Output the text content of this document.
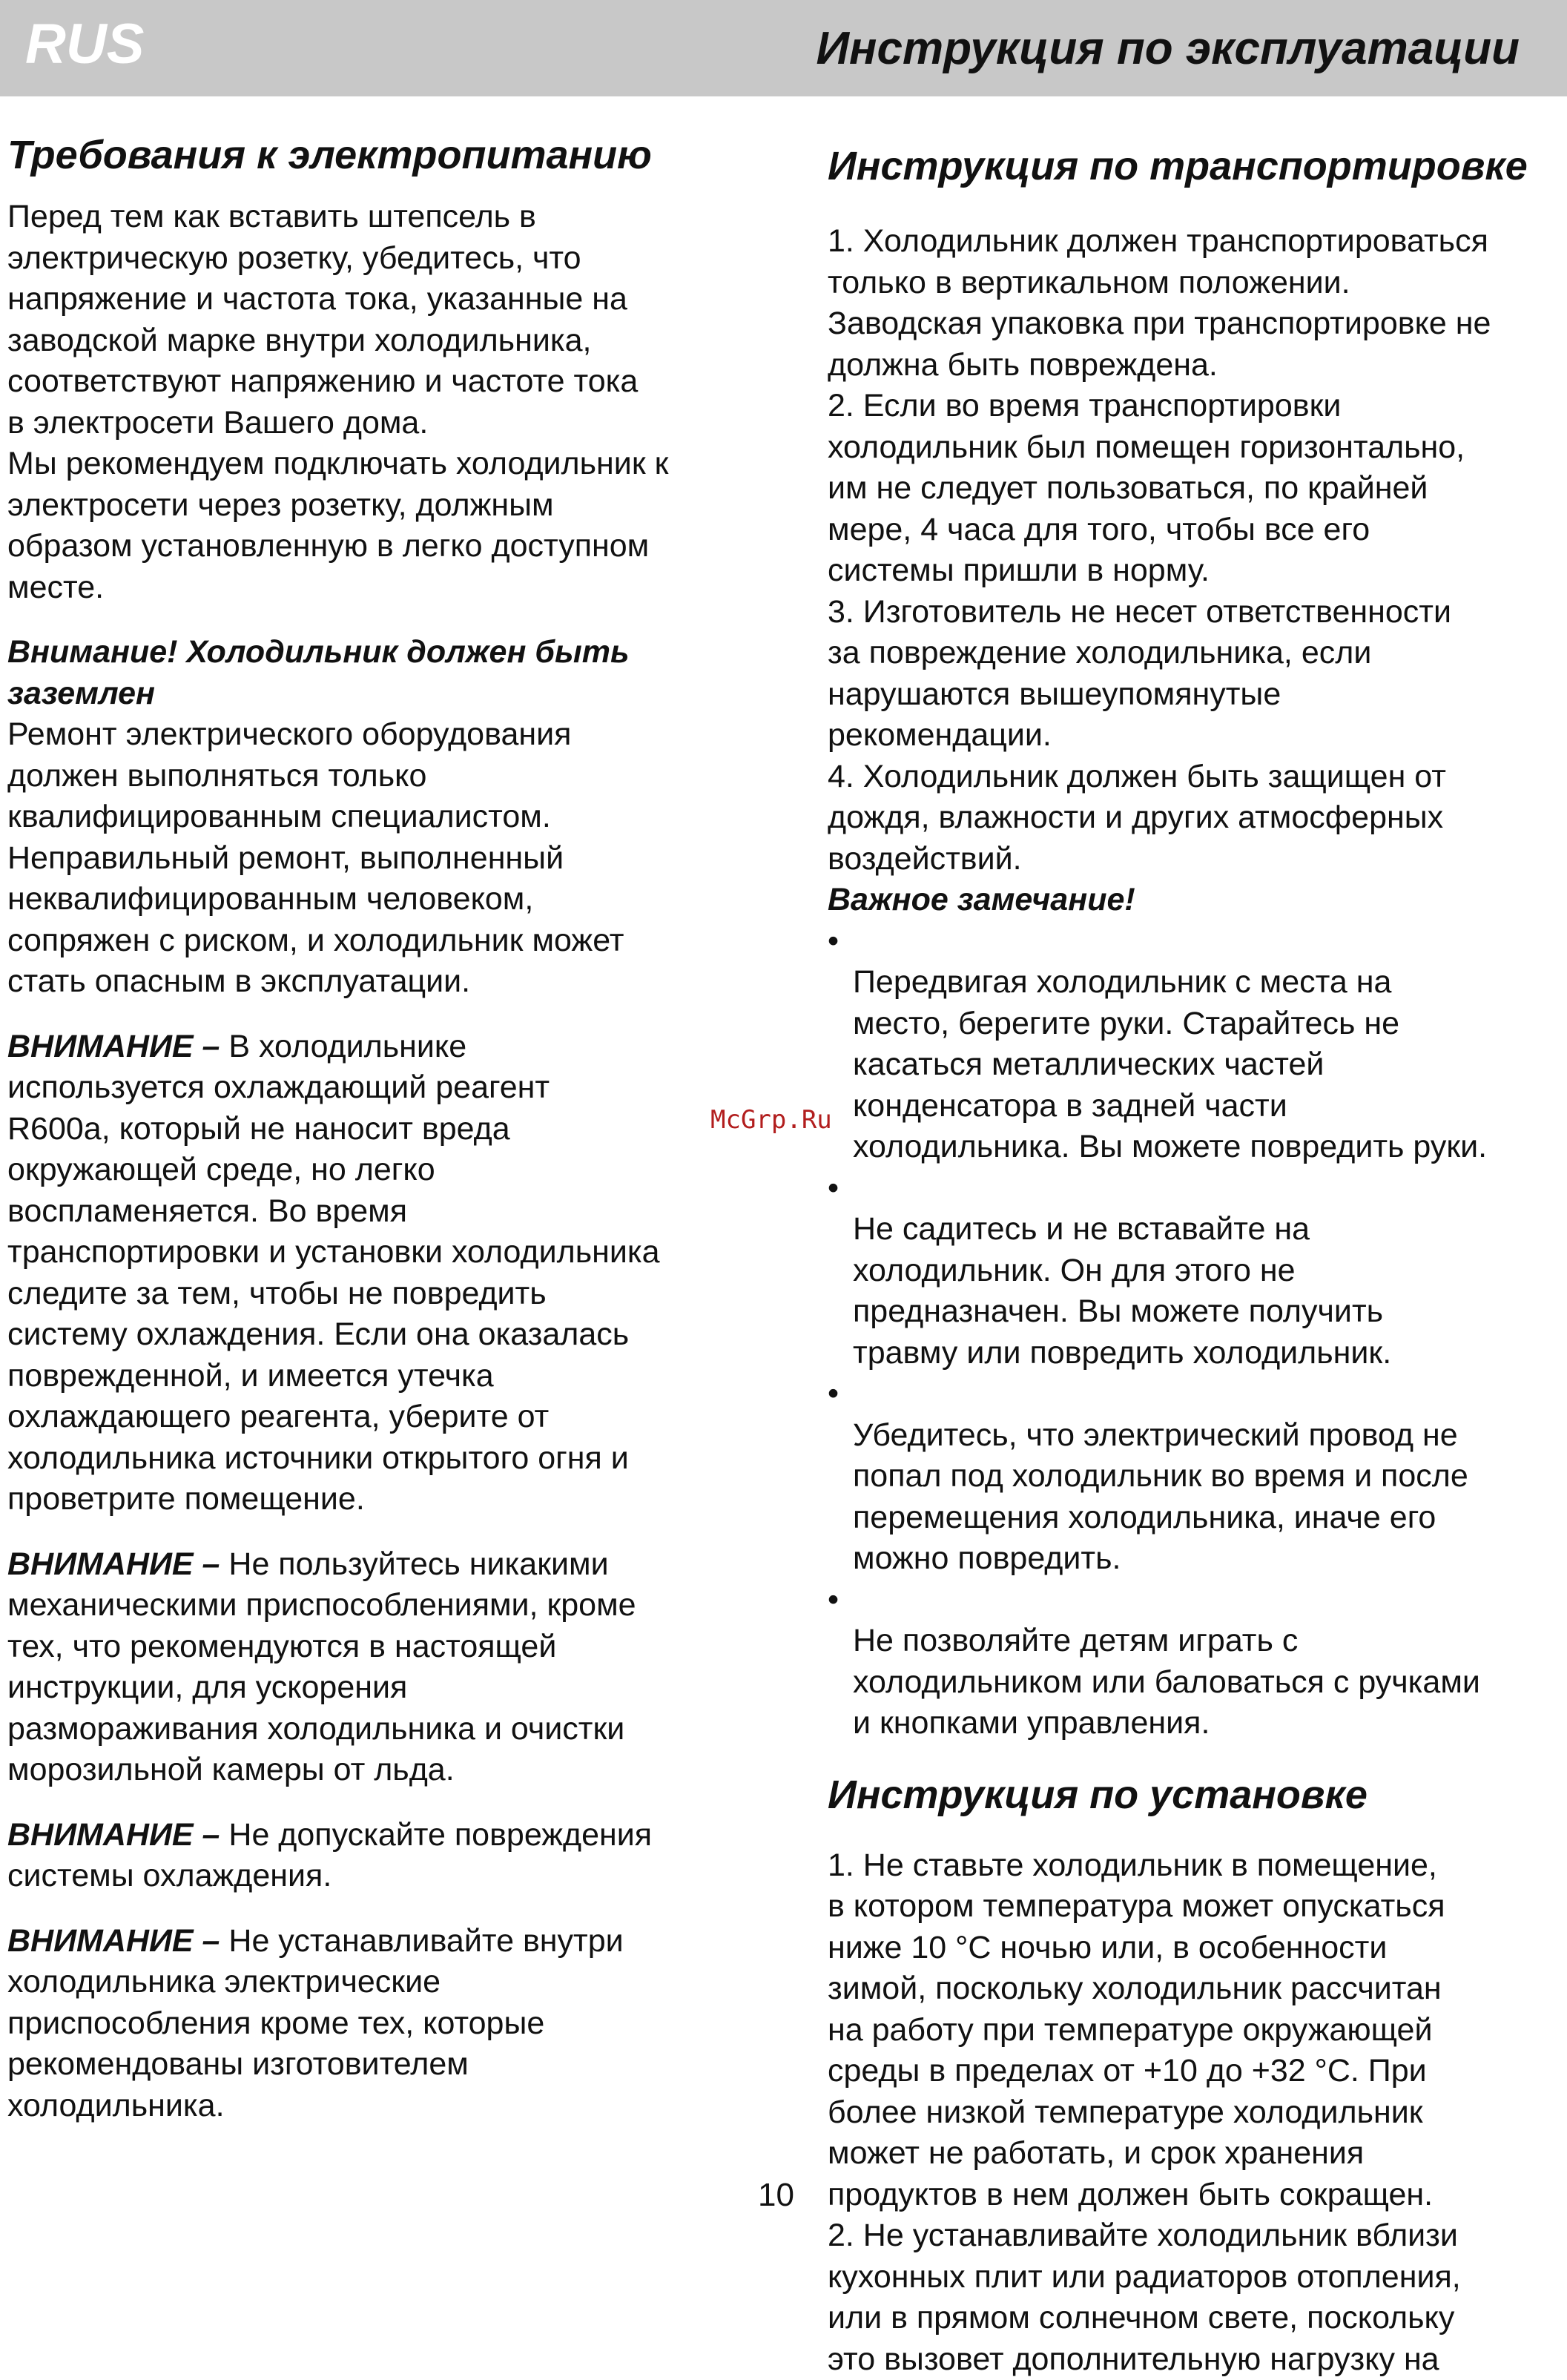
RUS	Инструкция по эксплуатации
Требования к электропитанию

Перед тем как вставить штепсель в
электрическую розетку, убедитесь, что
напряжение и частота тока, указанные на
заводской марке внутри холодильника,
соответствуют напряжению и частоте тока
в электросети Вашего дома.
Мы рекомендуем подключать холодильник к
электросети через розетку, должным
образом установленную в легко доступном
месте.

Внимание! Холодильник должен быть
заземлен
Ремонт электрического оборудования
должен выполняться только
квалифицированным специалистом.
Неправильный ремонт, выполненный
неквалифицированным человеком,
сопряжен с риском, и холодильник может
стать опасным в эксплуатации.

ВНИМАНИЕ – В холодильнике
используется охлаждающий реагент
R600a, который не наносит вреда
окружающей среде, но легко
воспламеняется. Во время
транспортировки и установки холодильника
следите за тем, чтобы не повредить
систему охлаждения. Если она оказалась
поврежденной, и имеется утечка
охлаждающего реагента, уберите от
холодильника источники открытого огня и
проветрите помещение.

ВНИМАНИЕ – Не пользуйтесь никакими
механическими приспособлениями, кроме
тех, что рекомендуются в настоящей
инструкции, для ускорения
размораживания холодильника и очистки
морозильной камеры от льда.

ВНИМАНИЕ – Не допускайте повреждения
системы охлаждения.

ВНИМАНИЕ – Не устанавливайте внутри
холодильника электрические
приспособления кроме тех, которые
рекомендованы изготовителем
холодильника.

Инструкция по транспортировке
1. Холодильник должен транспортироваться
только в вертикальном положении.
Заводская упаковка при транспортировке не
должна быть повреждена.
2. Если во время транспортировки
холодильник был помещен горизонтально,
им не следует пользоваться, по крайней
мере, 4 часа для того, чтобы все его
системы пришли в норму.
3. Изготовитель не несет ответственности
за повреждение холодильника, если
нарушаются вышеупомянутые
рекомендации.
4. Холодильник должен быть защищен от
дождя, влажности и других атмосферных
воздействий.
Важное замечание!

•
Передвигая холодильник с места на
место, берегите руки. Старайтесь не
касаться металлических частей
конденсатора в задней части
холодильника. Вы можете повредить руки.

•
Не садитесь и не вставайте на
холодильник. Он для этого не
предназначен. Вы можете получить
травму или повредить холодильник.

•
Убедитесь, что электрический провод не
попал под холодильник во время и после
перемещения холодильника, иначе его
можно повредить.

•
Не позволяйте детям играть с
холодильником или баловаться с ручками
и кнопками управления.

Инструкция по установке
1. Не ставьте холодильник в помещение,
в котором температура может опускаться
ниже 10 °C ночью или, в особенности
зимой, поскольку холодильник рассчитан
на работу при температуре окружающей
среды в пределах от +10 до +32 °C. При
более низкой температуре холодильник
может не работать, и срок хранения
продуктов в нем должен быть сокращен.
2. Не устанавливайте холодильник вблизи
кухонных плит или радиаторов отопления,
или в прямом солнечном свете, поскольку
это вызовет дополнительную нагрузку на
McGrp.Ru
10
